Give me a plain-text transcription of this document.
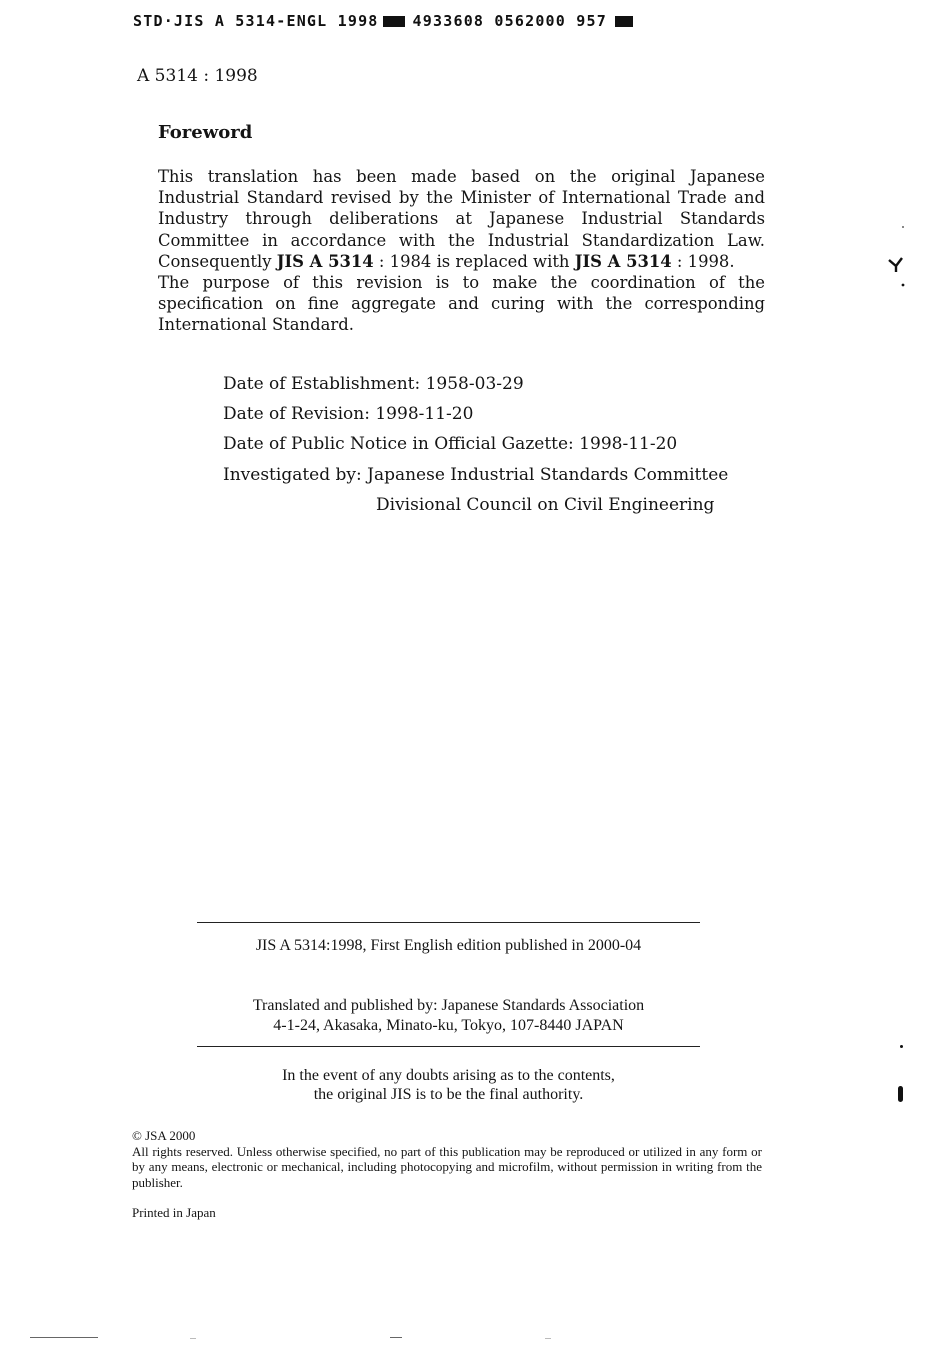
STD·JIS A 5314-ENGL 1998 4933608 0562000 957
A 5314 : 1998
Foreword

This translation has been made based on the original Japanese Industrial Standard revised by the Minister of International Trade and Industry through deliberations at Japanese Industrial Standards Committee in accordance with the Industrial Standardization Law. Consequently JIS A 5314 : 1984 is replaced with JIS A 5314 : 1998.

The purpose of this revision is to make the coordination of the specification on fine aggregate and curing with the corresponding International Standard.

Date of Establishment: 1958-03-29
Date of Revision: 1998-11-20
Date of Public Notice in Official Gazette: 1998-11-20
Investigated by: Japanese Industrial Standards Committee
Divisional Council on Civil Engineering
JIS A 5314:1998, First English edition published in 2000-04
Translated and published by: Japanese Standards Association
4-1-24, Akasaka, Minato-ku, Tokyo, 107-8440 JAPAN
In the event of any doubts arising as to the contents,
the original JIS is to be the final authority.

© JSA 2000

All rights reserved. Unless otherwise specified, no part of this publication may be reproduced or utilized in any form or by any means, electronic or mechanical, including photocopying and microfilm, without permission in writing from the publisher.

Printed in Japan
